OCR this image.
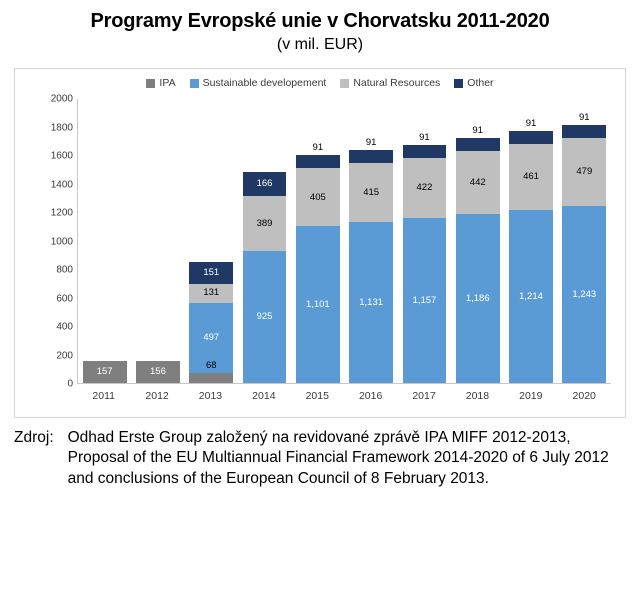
Programy Evropské unie v Chorvatsku 2011-2020
(v mil. EUR)
IPA	Sustainable developement	Natural Resources	Other
0
200
400
600
800
1000
1200
1400
1600
1800
2000
157	156
151
131
497
68
166
389
925
91
405
1,101
91
415
1,131
91
422
1,157
91
442
1,186
91
461
1,214
91
479
1,243
2011	2012	2013	2014	2015	2016	2017	2018	2019	2020
Zdroj: Odhad Erste Group založený na revidované zprávě IPA MIFF 2012-2013, Proposal of the EU Multiannual Financial Framework 2014-2020 of 6 July 2012 and conclusions of the European Council of 8 February 2013.
